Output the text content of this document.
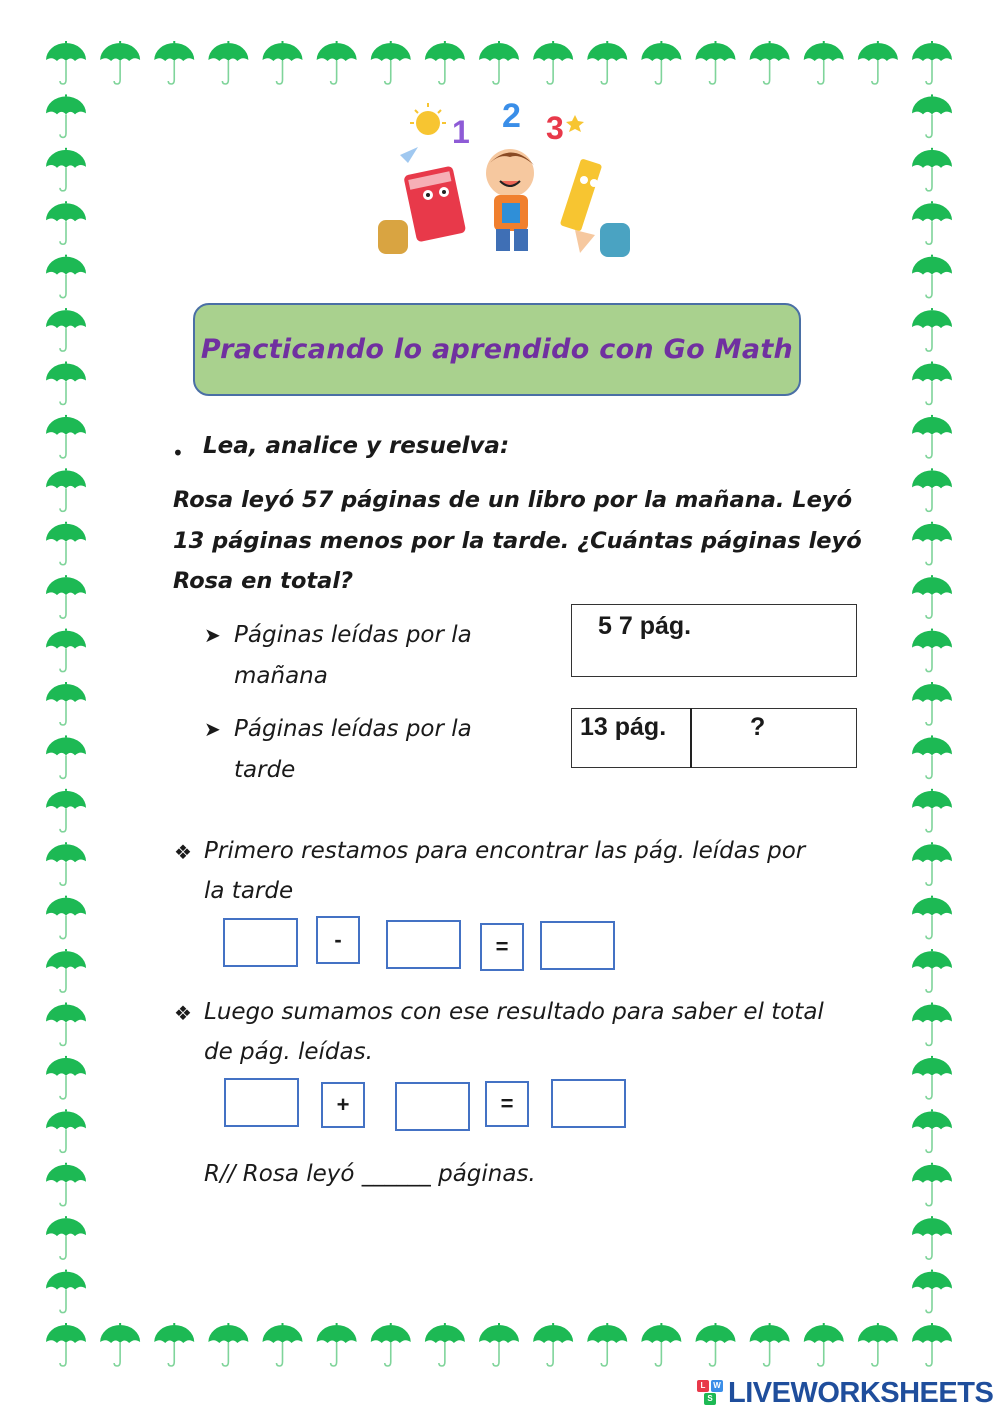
1 2 3
Practicando lo aprendido con Go Math
• Lea, analice y resuelva:
Rosa leyó 57 páginas de un libro por la mañana. Leyó
13 páginas menos por la tarde. ¿Cuántas páginas leyó
Rosa en total?
➤ Páginas leídas por la
mañana
5 7 pág.
➤ Páginas leídas por la
tarde
13 pág.	?
❖ Primero restamos para encontrar las pág. leídas por
la tarde
-	=
❖ Luego sumamos con ese resultado para saber el total
de pág. leídas.
+	=
R// Rosa leyó ______ páginas.
L W
S LIVEWORKSHEETS
